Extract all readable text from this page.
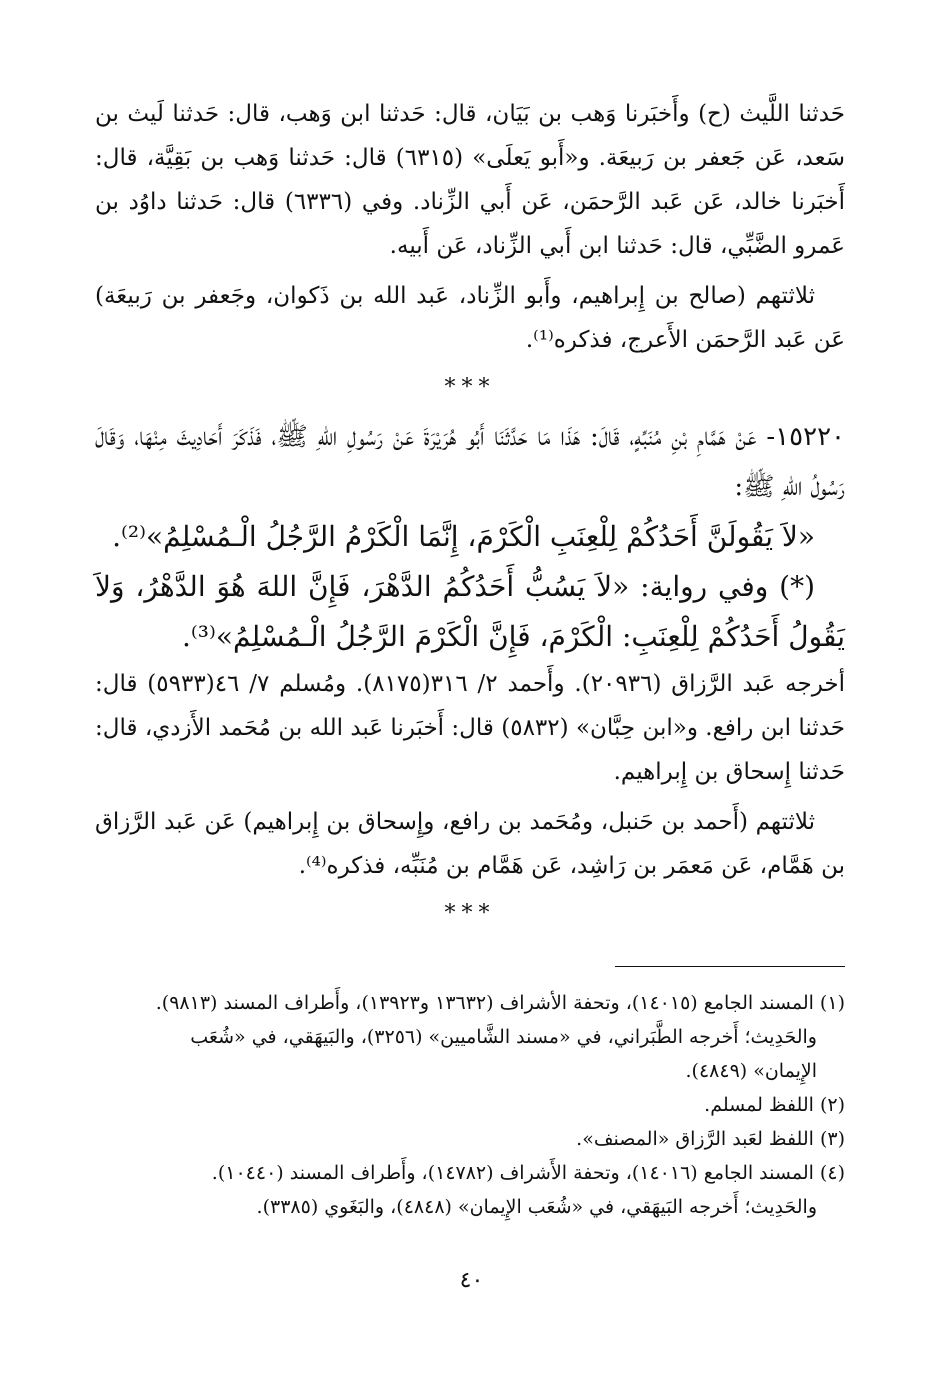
حَدثنا اللَّيث (ح) وأَخبَرنا وَهب بن بَيَان، قال: حَدثنا ابن وَهب، قال: حَدثنا لَيث بن سَعد، عَن جَعفر بن رَبيعَة. و«أَبو يَعلَى» (٦٣١٥) قال: حَدثنا وَهب بن بَقِيَّة، قال: أَخبَرنا خالد، عَن عَبد الرَّحمَن، عَن أَبي الزِّناد. وفي (٦٣٣٦) قال: حَدثنا داوُد بن عَمرو الضَّبِّي، قال: حَدثنا ابن أَبي الزِّناد، عَن أَبيه.

ثلاثتهم (صالح بن إِبراهيم، وأَبو الزِّناد، عَبد الله بن ذَكوان، وجَعفر بن رَبيعَة) عَن عَبد الرَّحمَن الأَعرج، فذكره⁽¹⁾.

***

١٥٢٢٠- عَنْ هَمَّامِ بْنِ مُنَبِّهٍ، قَالَ: هَذَا مَا حَدَّثَنَا أَبُو هُرَيْرَةَ عَنْ رَسُولِ اللهِ ﷺ، فَذَكَرَ أَحَادِيثَ مِنْهَا، وَقَالَ رَسُولُ اللهِ ﷺ:

«لاَ يَقُولَنَّ أَحَدُكُمْ لِلْعِنَبِ الْكَرْمَ، إِنَّمَا الْكَرْمُ الرَّجُلُ الْـمُسْلِمُ»⁽²⁾.

(*) وفي رواية: «لاَ يَسُبُّ أَحَدُكُمُ الدَّهْرَ، فَإِنَّ اللهَ هُوَ الدَّهْرُ، وَلاَ يَقُولُ أَحَدُكُمْ لِلْعِنَبِ: الْكَرْمَ، فَإِنَّ الْكَرْمَ الرَّجُلُ الْـمُسْلِمُ»⁽³⁾.

أخرجه عَبد الرَّزاق (٢٠٩٣٦). وأَحمد ٢/ ٣١٦(٨١٧٥). ومُسلم ٧/ ٤٦(٥٩٣٣) قال: حَدثنا ابن رافع. و«ابن حِبَّان» (٥٨٣٢) قال: أَخبَرنا عَبد الله بن مُحَمد الأَزدي، قال: حَدثنا إِسحاق بن إِبراهيم.

ثلاثتهم (أَحمد بن حَنبل، ومُحَمد بن رافع، وإِسحاق بن إِبراهيم) عَن عَبد الرَّزاق بن هَمَّام، عَن مَعمَر بن رَاشِد، عَن هَمَّام بن مُنَبِّه، فذكره⁽⁴⁾.

***

(١) المسند الجامع (١٤٠١٥)، وتحفة الأشراف (١٣٦٣٢ و١٣٩٢٣)، وأَطراف المسند (٩٨١٣).

والحَدِيث؛ أَخرجه الطَّبَراني، في «مسند الشَّاميين» (٣٢٥٦)، والبَيهَقي، في «شُعَب الإِيمان» (٤٨٤٩).

(٢) اللفظ لمسلم.

(٣) اللفظ لعَبد الرَّزاق «المصنف».

(٤) المسند الجامع (١٤٠١٦)، وتحفة الأَشراف (١٤٧٨٢)، وأَطراف المسند (١٠٤٤٠).

والحَدِيث؛ أَخرجه البَيهَقي، في «شُعَب الإِيمان» (٤٨٤٨)، والبَغَوي (٣٣٨٥).

٤٠
